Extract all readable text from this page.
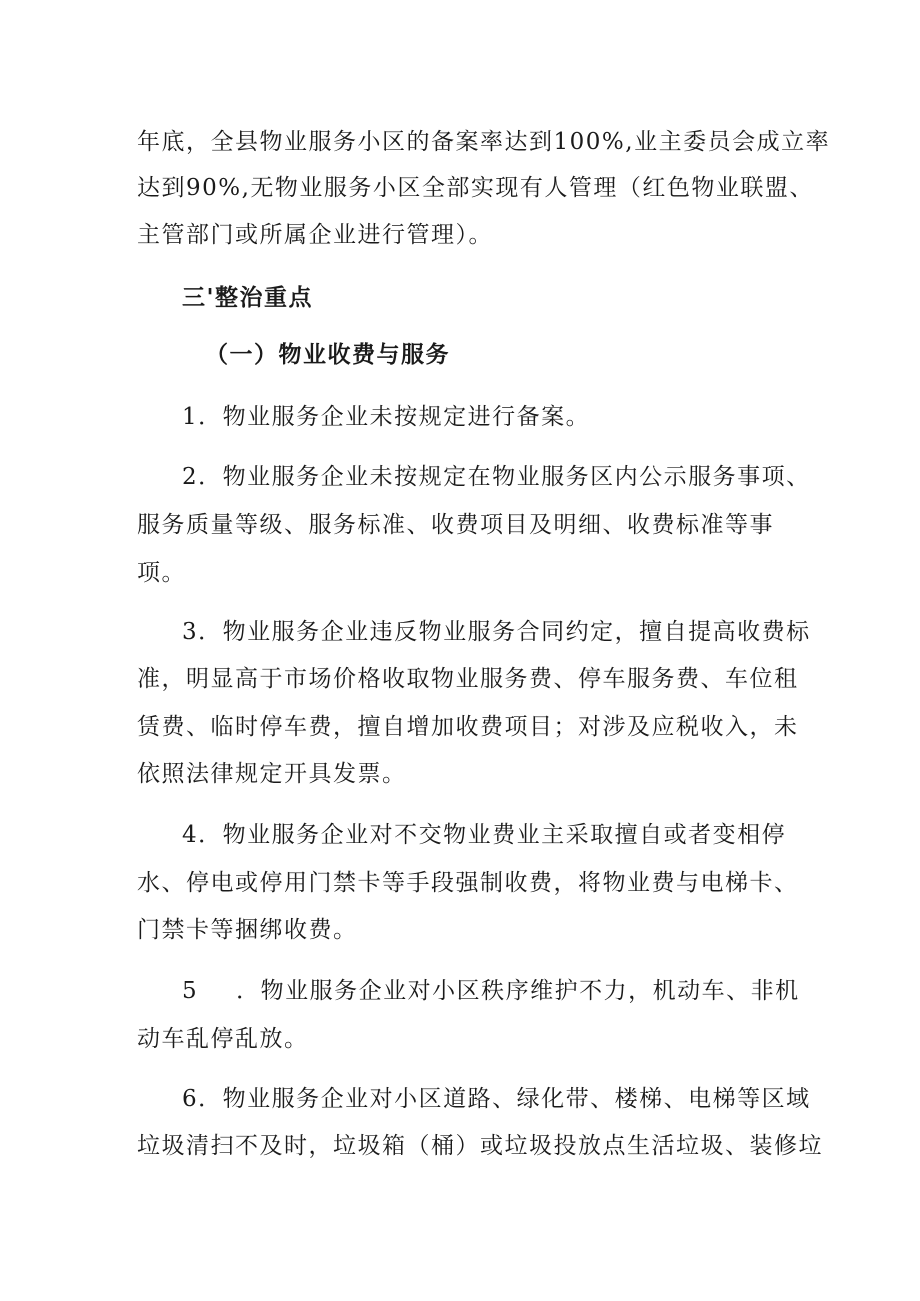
年底，全县物业服务小区的备案率达到100%,业主委员会成立率
达到90%,无物业服务小区全部实现有人管理（红色物业联盟、
主管部门或所属企业进行管理）。
三'整治重点
（一）物业收费与服务
1．物业服务企业未按规定进行备案。
2．物业服务企业未按规定在物业服务区内公示服务事项、
服务质量等级、服务标准、收费项目及明细、收费标准等事
项。
3．物业服务企业违反物业服务合同约定，擅自提高收费标
准，明显高于市场价格收取物业服务费、停车服务费、车位租
赁费、临时停车费，擅自增加收费项目；对涉及应税收入，未
依照法律规定开具发票。
4．物业服务企业对不交物业费业主采取擅自或者变相停
水、停电或停用门禁卡等手段强制收费，将物业费与电梯卡、
门禁卡等捆绑收费。
5 ．物业服务企业对小区秩序维护不力，机动车、非机
动车乱停乱放。
6．物业服务企业对小区道路、绿化带、楼梯、电梯等区域
垃圾清扫不及时，垃圾箱（桶）或垃圾投放点生活垃圾、装修垃
